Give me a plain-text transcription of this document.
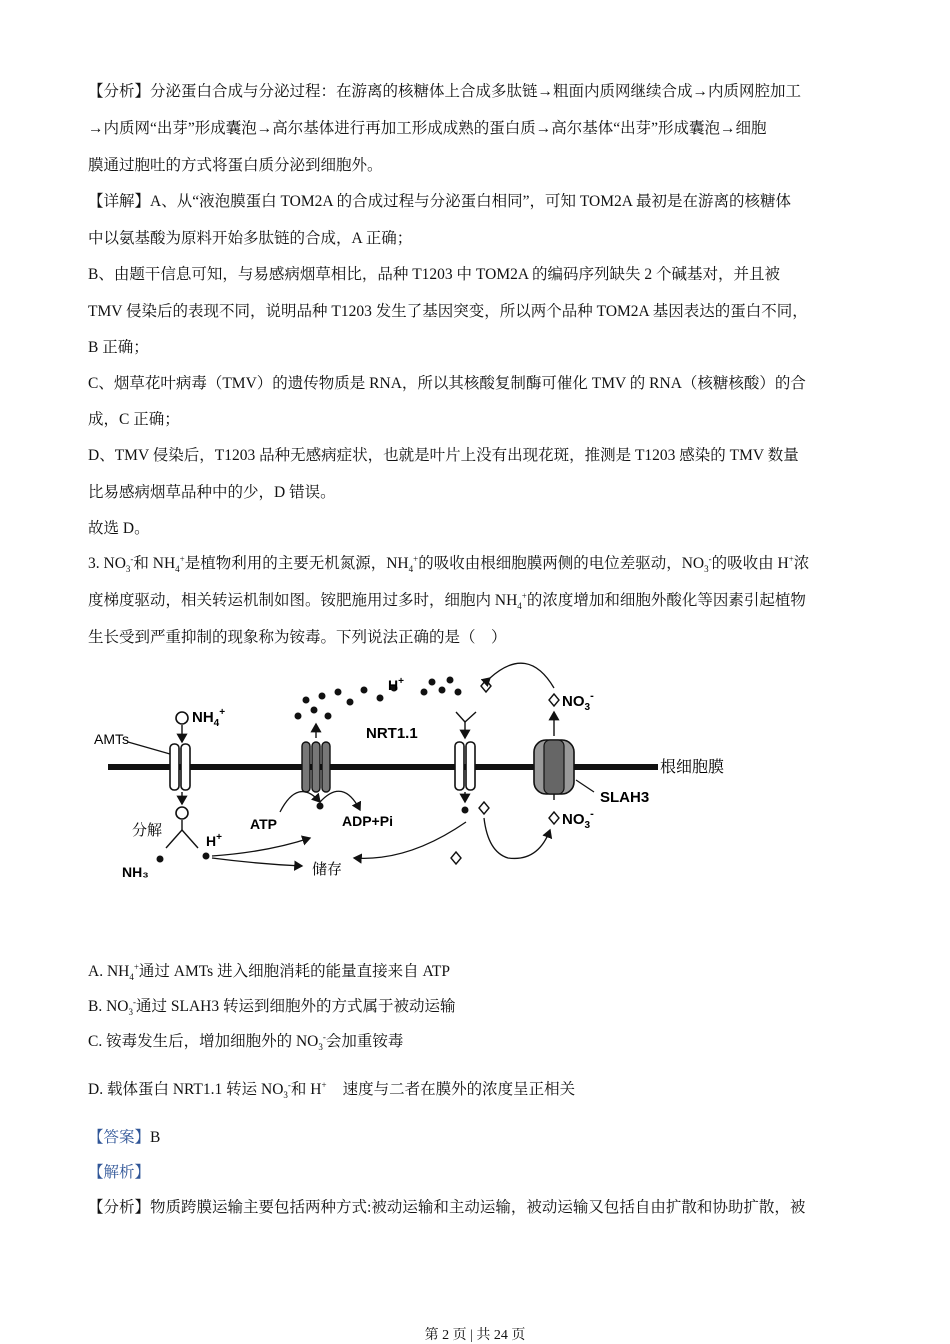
【分析】分泌蛋白合成与分泌过程：在游离的核糖体上合成多肽链→粗面内质网继续合成→内质网腔加工
→内质网“出芽”形成囊泡→高尔基体进行再加工形成成熟的蛋白质→高尔基体“出芽”形成囊泡→细胞
膜通过胞吐的方式将蛋白质分泌到细胞外。
【详解】A、从“液泡膜蛋白 TOM2A 的合成过程与分泌蛋白相同”，可知 TOM2A 最初是在游离的核糖体
中以氨基酸为原料开始多肽链的合成，A 正确；
B、由题干信息可知，与易感病烟草相比，品种 T1203 中 TOM2A 的编码序列缺失 2 个碱基对，并且被
TMV 侵染后的表现不同，说明品种 T1203 发生了基因突变，所以两个品种 TOM2A 基因表达的蛋白不同，
B 正确；
C、烟草花叶病毒（TMV）的遗传物质是 RNA，所以其核酸复制酶可催化 TMV 的 RNA（核糖核酸）的合
成，C 正确；
D、TMV 侵染后，T1203 品种无感病症状，也就是叶片上没有出现花斑，推测是 T1203 感染的 TMV 数量
比易感病烟草品种中的少，D 错误。
故选 D。
3. $NO_3^-$和 $NH_4^+$是植物利用的主要无机氮源，$NH_4^+$的吸收由根细胞膜两侧的电位差驱动，$NO_3^-$的吸收由 H+浓
度梯度驱动，相关转运机制如图。铵肥施用过多时，细胞内 $NH_4^+$的浓度增加和细胞外酸化等因素引起植物
生长受到严重抑制的现象称为铵毒。下列说法正确的是（　）
根细胞膜
AMTs
$NH_4^+$
分解
NH₃
H+
ATP	ADP+Pi
储存
H+
NRT1.1
$NO_3^-$
SLAH3
$NO_3^-$
A. $NH_4^+$通过 AMTs 进入细胞消耗的能量直接来自 ATP
B. $NO_3^-$通过 SLAH3 转运到细胞外的方式属于被动运输
C. 铵毒发生后，增加细胞外的 $NO_3^-$会加重铵毒
D. 载体蛋白 NRT1.1 转运 $NO_3^-$和 H+ 速度与二者在膜外的浓度呈正相关
【答案】B
【解析】
【分析】物质跨膜运输主要包括两种方式:被动运输和主动运输，被动运输又包括自由扩散和协助扩散，被
第 2 页 | 共 24 页
